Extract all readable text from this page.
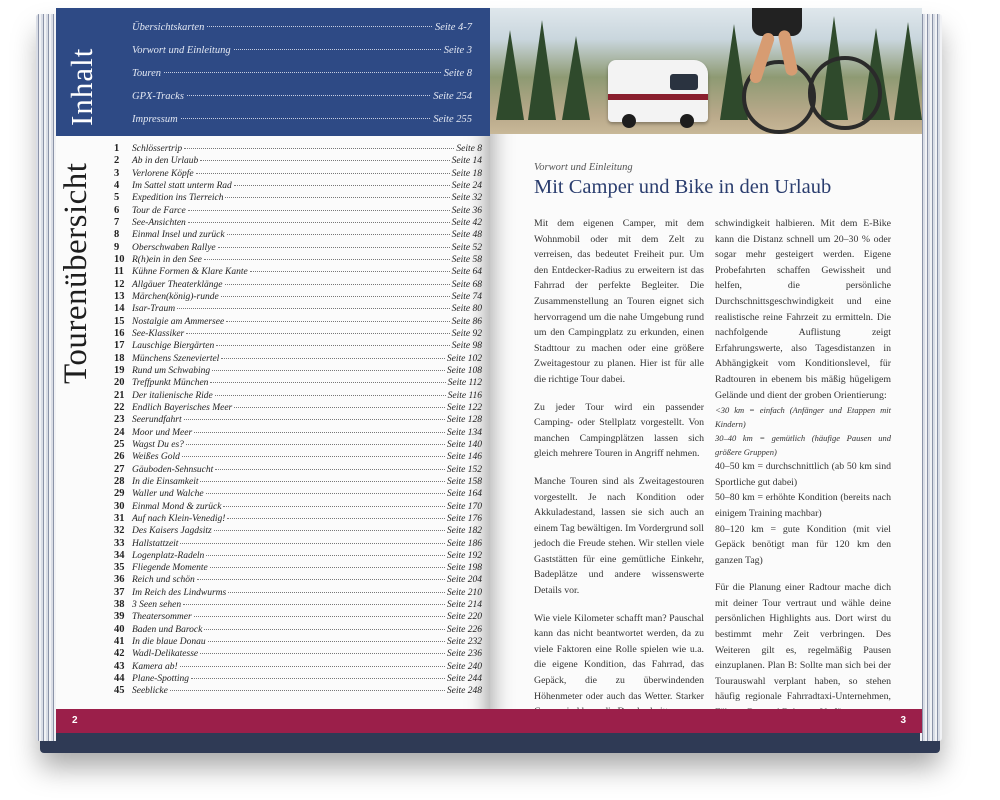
Inhalt
Übersichtskarten	Seite 4-7
Vorwort und Einleitung	Seite 3
Touren	Seite 8
GPX-Tracks	Seite 254
Impressum	Seite 255
Tourenübersicht
1	Schlössertrip	Seite 8
2	Ab in den Urlaub	Seite 14
3	Verlorene Köpfe	Seite 18
4	Im Sattel statt unterm Rad	Seite 24
5	Expedition ins Tierreich	Seite 32
6	Tour de Farce	Seite 36
7	See-Ansichten	Seite 42
8	Einmal Insel und zurück	Seite 48
9	Oberschwaben Rallye	Seite 52
10 R(h)ein in den See	Seite 58
11 Kühne Formen & Klare Kante	Seite 64
12 Allgäuer Theaterklänge	Seite 68
13 Märchen(könig)-runde	Seite 74
14 Isar-Traum	Seite 80
15 Nostalgie am Ammersee	Seite 86
16 See-Klassiker	Seite 92
17 Lauschige Biergärten	Seite 98
18 Münchens Szeneviertel	Seite 102
19 Rund um Schwabing	Seite 108
20 Treffpunkt München	Seite 112
21 Der italienische Ride	Seite 116
22 Endlich Bayerisches Meer	Seite 122
23 Seerundfahrt	Seite 128
24 Moor und Meer	Seite 134
25 Wagst Du es?	Seite 140
26 Weißes Gold	Seite 146
27 Gäuboden-Sehnsucht	Seite 152
28 In die Einsamkeit	Seite 158
29 Waller und Walche	Seite 164
30 Einmal Mond & zurück	Seite 170
31 Auf nach Klein-Venedig!	Seite 176
32 Des Kaisers Jagdsitz	Seite 182
33 Hallstattzeit	Seite 186
34 Logenplatz-Radeln	Seite 192
35 Fliegende Momente	Seite 198
36 Reich und schön	Seite 204
37 Im Reich des Lindwurms	Seite 210
38 3 Seen sehen	Seite 214
39 Theatersommer	Seite 220
40 Baden und Barock	Seite 226
41 In die blaue Donau	Seite 232
42 Wadl-Delikatesse	Seite 236
43 Kamera ab!	Seite 240
44 Plane-Spotting	Seite 244
45 Seeblicke	Seite 248
2
Vorwort und Einleitung
Mit Camper und Bike in den Urlaub

Mit dem eigenen Camper, mit dem Wohnmobil oder mit dem Zelt zu verreisen, das bedeutet Freiheit pur. Um den Entdecker-Radius zu erweitern ist das Fahrrad der perfekte Begleiter. Die Zusammenstellung an Touren eignet sich hervorragend um die nahe Umgebung rund um den Campingplatz zu erkunden, einen Stadttour zu machen oder eine größere Zweitagestour zu planen. Hier ist für alle die richtige Tour dabei.

Zu jeder Tour wird ein passender Camping- oder Stellplatz vorgestellt. Von manchen Campingplätzen lassen sich gleich mehrere Touren in Angriff nehmen.

Manche Touren sind als Zweitagestouren vorgestellt. Je nach Kondition oder Akkuladestand, lassen sie sich auch an einem Tag bewältigen. Im Vordergrund soll jedoch die Freude stehen. Wir stellen viele Gaststätten für eine gemütliche Einkehr, Badeplätze und andere wissenswerte Details vor.

Wie viele Kilometer schafft man? Pauschal kann das nicht beantwortet werden, da zu viele Faktoren eine Rolle spielen wie u.a. die eigene Kondition, das Fahrrad, das Gepäck, die zu überwindenden Höhenmeter oder auch das Wetter. Starker

schwindigkeit halbieren. Mit dem E-Bike kann die Distanz schnell um 20–30 % oder sogar mehr gesteigert werden. Eigene Probefahrten schaffen Gewissheit und helfen, die persönliche Durchschnittsgeschwindigkeit und eine realistische reine Fahrzeit zu ermitteln. Die nachfolgende Auflistung zeigt Erfahrungswerte, also Tagesdistanzen in Abhängigkeit vom Konditionslevel, für Radtouren in ebenem bis mäßig hügeligem Gelände und dient der groben Orientierung:

<30 km = einfach (Anfänger und Etappen mit Kindern)

30–40 km = gemütlich (häufige Pausen und größere Gruppen)

40–50 km = durchschnittlich (ab 50 km sind Sportliche gut dabei)

50–80 km = erhöhte Kondition (bereits nach einigem Training machbar)

80–120 km = gute Kondition (mit viel Gepäck benötigt man für 120 km den ganzen Tag)

Für die Planung einer Radtour mache dich mit deiner Tour vertraut und wähle deine persönlichen Highlights aus. Dort wirst du bestimmt mehr Zeit verbringen. Des Weiteren gilt es, regelmäßig Pausen einzuplanen. Plan B: Sollte man sich bei der Tourauswahl verplant haben, so stehen häufig regionale Fahrradtaxi-Unternehmen,

3
